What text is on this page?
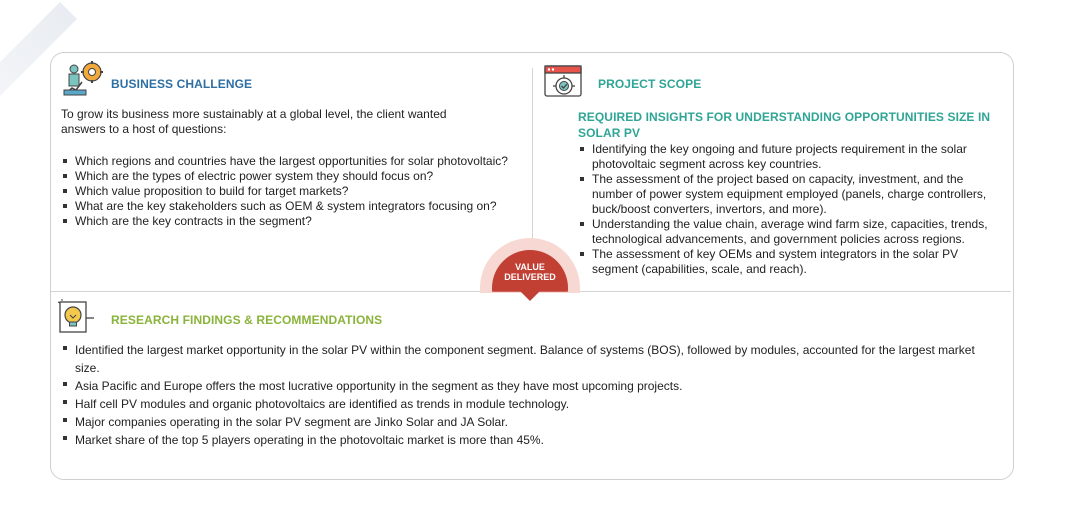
BUSINESS CHALLENGE
To grow its business more sustainably at a global level, the client wanted answers to a host of questions:
Which regions and countries have the largest opportunities for solar photovoltaic?
Which are the types of electric power system they should focus on?
Which value proposition to build for target markets?
What are the key stakeholders such as OEM & system integrators focusing on?
Which are the key contracts in the segment?
PROJECT SCOPE
REQUIRED INSIGHTS FOR UNDERSTANDING OPPORTUNITIES SIZE IN SOLAR PV
Identifying the key ongoing and future projects requirement in the solar photovoltaic segment across key countries.
The assessment of the project based on capacity, investment, and the number of power system equipment employed (panels, charge controllers, buck/boost converters, invertors, and more).
Understanding the value chain, average wind farm size, capacities, trends, technological advancements, and government policies across regions.
The assessment of key OEMs and system integrators in the solar PV segment (capabilities, scale, and reach).
VALUE
DELIVERED
RESEARCH FINDINGS & RECOMMENDATIONS
Identified the largest market opportunity in the solar PV within the component segment. Balance of systems (BOS), followed by modules, accounted for the largest market size.
Asia Pacific and Europe offers the most lucrative opportunity in the segment as they have most upcoming projects.
Half cell PV modules and organic photovoltaics are identified as trends in module technology.
Major companies operating in the solar PV segment are Jinko Solar and JA Solar.
Market share of the top 5 players operating in the photovoltaic market is more than 45%.
